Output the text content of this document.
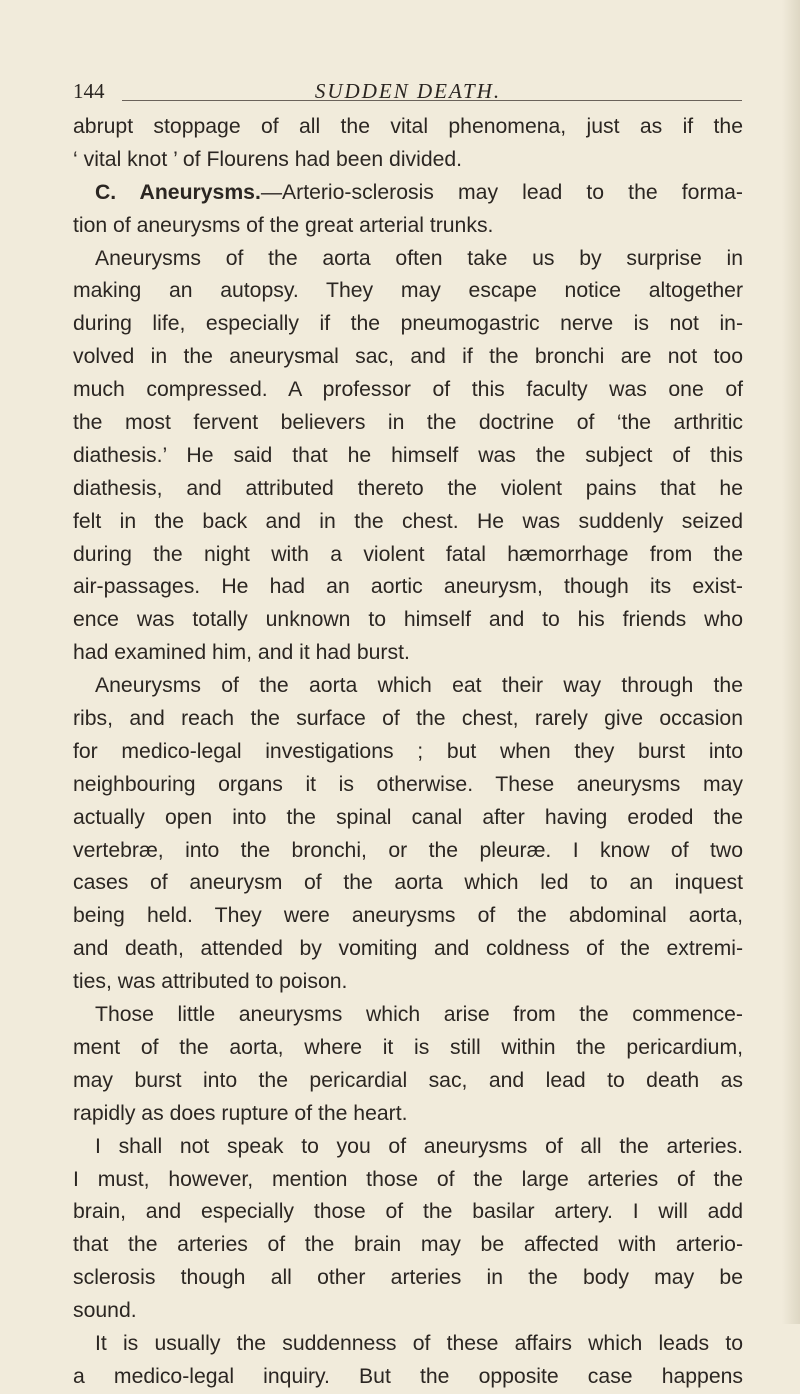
144	SUDDEN DEATH.
abrupt stoppage of all the vital phenomena, just as if the
‘ vital knot ’ of Flourens had been divided.
C. Aneurysms.—Arterio-sclerosis may lead to the forma-
tion of aneurysms of the great arterial trunks.
Aneurysms of the aorta often take us by surprise in
making an autopsy. They may escape notice altogether
during life, especially if the pneumogastric nerve is not in-
volved in the aneurysmal sac, and if the bronchi are not too
much compressed. A professor of this faculty was one of
the most fervent believers in the doctrine of ‘the arthritic
diathesis.’ He said that he himself was the subject of this
diathesis, and attributed thereto the violent pains that he
felt in the back and in the chest. He was suddenly seized
during the night with a violent fatal hæmorrhage from the
air-passages. He had an aortic aneurysm, though its exist-
ence was totally unknown to himself and to his friends who
had examined him, and it had burst.
Aneurysms of the aorta which eat their way through the
ribs, and reach the surface of the chest, rarely give occasion
for medico-legal investigations ; but when they burst into
neighbouring organs it is otherwise. These aneurysms may
actually open into the spinal canal after having eroded the
vertebræ, into the bronchi, or the pleuræ. I know of two
cases of aneurysm of the aorta which led to an inquest
being held. They were aneurysms of the abdominal aorta,
and death, attended by vomiting and coldness of the extremi-
ties, was attributed to poison.
Those little aneurysms which arise from the commence-
ment of the aorta, where it is still within the pericardium,
may burst into the pericardial sac, and lead to death as
rapidly as does rupture of the heart.
I shall not speak to you of aneurysms of all the arteries.
I must, however, mention those of the large arteries of the
brain, and especially those of the basilar artery. I will add
that the arteries of the brain may be affected with arterio-
sclerosis though all other arteries in the body may be
sound.
It is usually the suddenness of these affairs which leads to
a medico-legal inquiry. But the opposite case happens
